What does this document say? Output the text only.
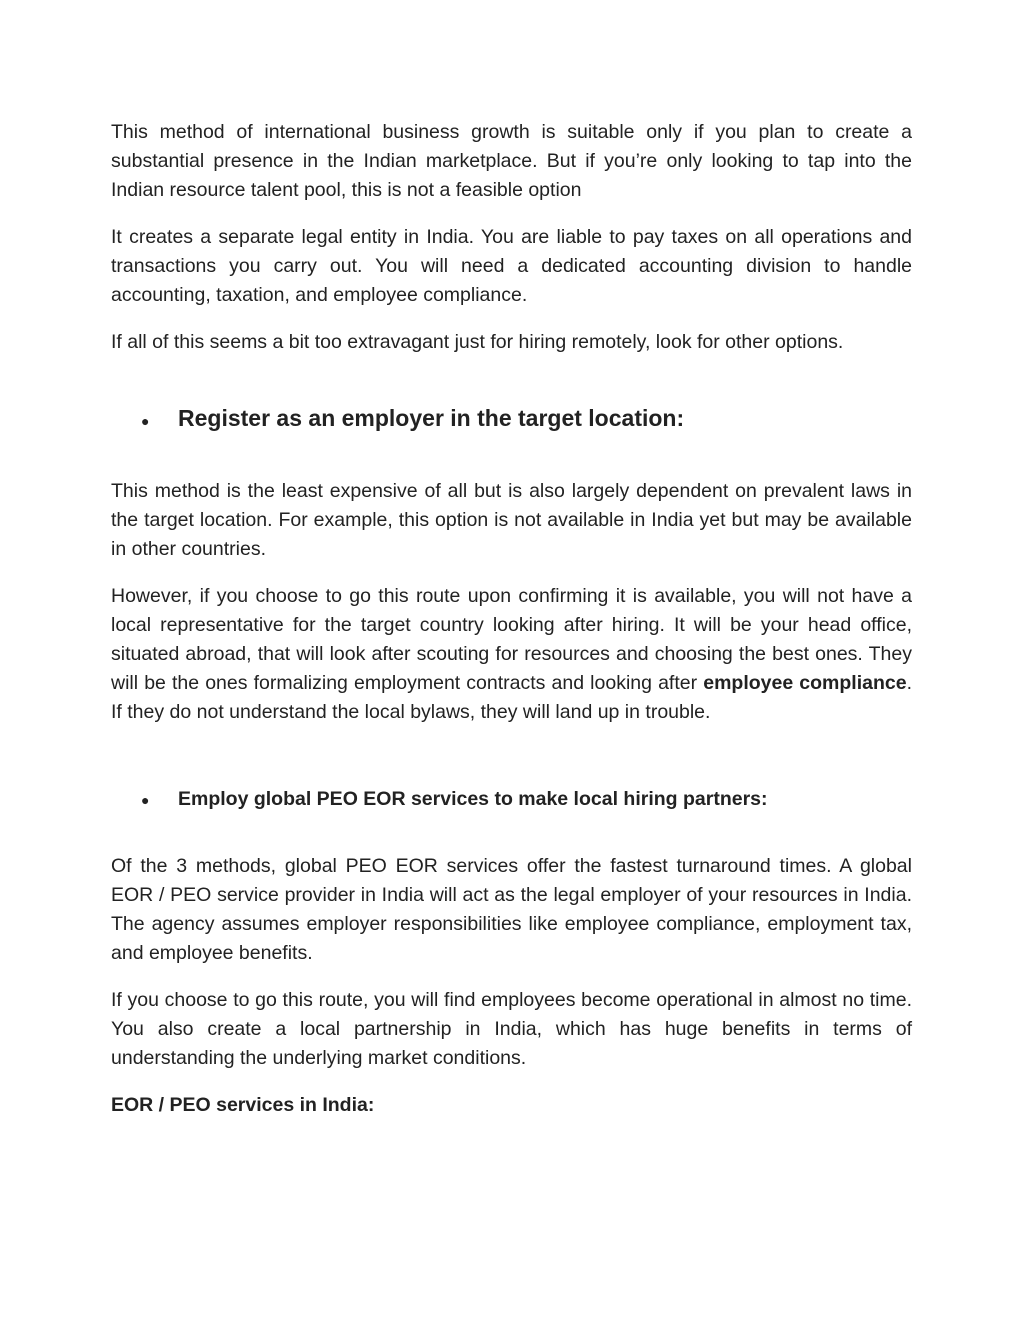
This method of international business growth is suitable only if you plan to create a substantial presence in the Indian marketplace. But if you’re only looking to tap into the Indian resource talent pool, this is not a feasible option

It creates a separate legal entity in India. You are liable to pay taxes on all operations and transactions you carry out. You will need a dedicated accounting division to handle accounting, taxation, and employee compliance.

If all of this seems a bit too extravagant just for hiring remotely, look for other options.

●	Register as an employer in the target location:

This method is the least expensive of all but is also largely dependent on prevalent laws in the target location. For example, this option is not available in India yet but may be available in other countries.

However, if you choose to go this route upon confirming it is available, you will not have a local representative for the target country looking after hiring. It will be your head office, situated abroad, that will look after scouting for resources and choosing the best ones. They will be the ones formalizing employment contracts and looking after employee compliance. If they do not understand the local bylaws, they will land up in trouble.

●	Employ global PEO EOR services to make local hiring partners:

Of the 3 methods, global PEO EOR services offer the fastest turnaround times. A global EOR / PEO service provider in India will act as the legal employer of your resources in India. The agency assumes employer responsibilities like employee compliance, employment tax, and employee benefits.

If you choose to go this route, you will find employees become operational in almost no time. You also create a local partnership in India, which has huge benefits in terms of understanding the underlying market conditions.

EOR / PEO services in India:
